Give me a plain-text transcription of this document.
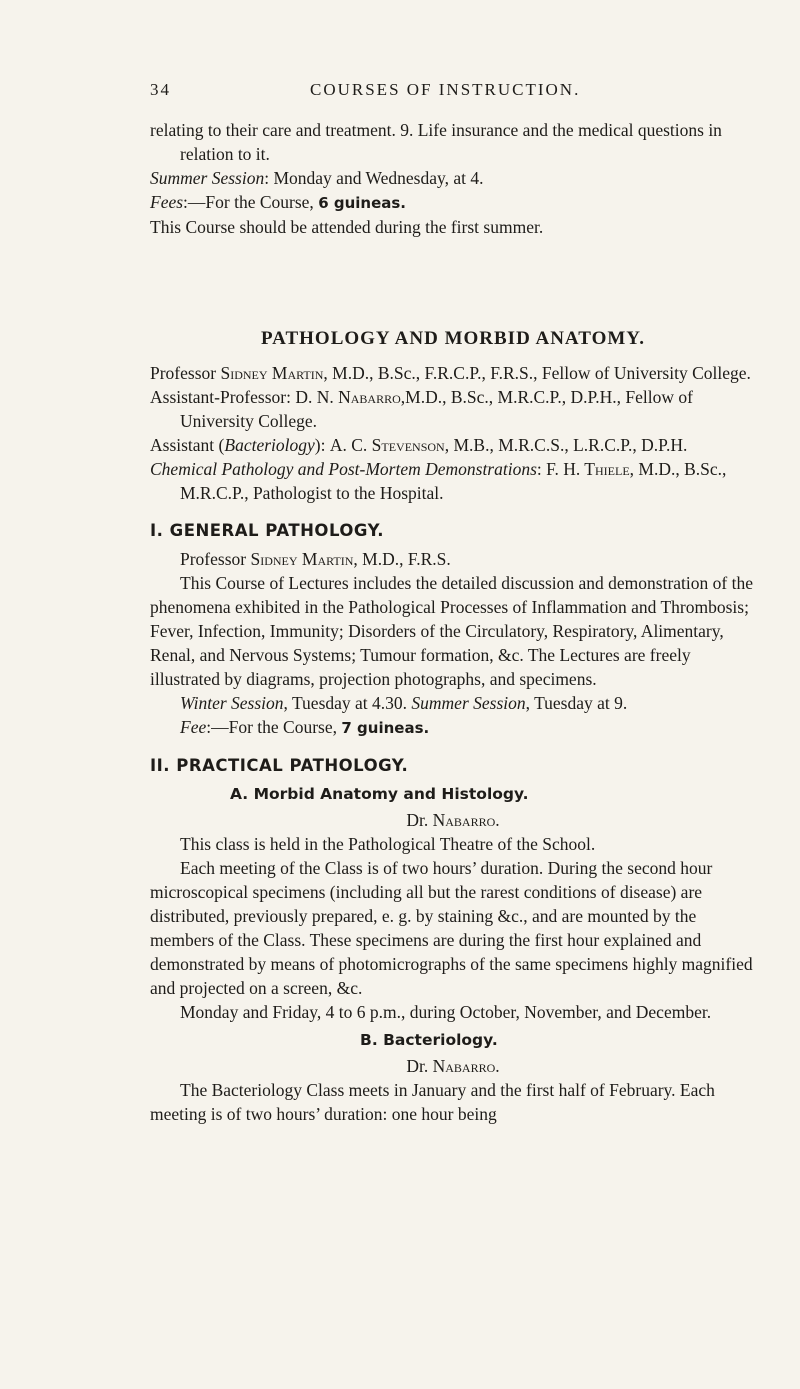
34	COURSES OF INSTRUCTION.

relating to their care and treatment. 9. Life insurance and the medical questions in relation to it.

Summer Session: Monday and Wednesday, at 4.

Fees:—For the Course, 6 guineas.

This Course should be attended during the first summer.

PATHOLOGY AND MORBID ANATOMY.

Professor Sidney Martin, M.D., B.Sc., F.R.C.P., F.R.S., Fellow of University College.

Assistant-Professor: D. N. Nabarro,M.D., B.Sc., M.R.C.P., D.P.H., Fellow of University College.

Assistant (Bacteriology): A. C. Stevenson, M.B., M.R.C.S., L.R.C.P., D.P.H.

Chemical Pathology and Post-Mortem Demonstrations: F. H. Thiele, M.D., B.Sc., M.R.C.P., Pathologist to the Hospital.

I. GENERAL PATHOLOGY.

Professor Sidney Martin, M.D., F.R.S.

This Course of Lectures includes the detailed discussion and demonstration of the phenomena exhibited in the Pathological Processes of Inflammation and Thrombosis; Fever, Infection, Immunity; Disorders of the Circulatory, Respiratory, Alimentary, Renal, and Nervous Systems; Tumour formation, &c. The Lectures are freely illustrated by diagrams, projection photographs, and specimens.

Winter Session, Tuesday at 4.30. Summer Session, Tuesday at 9.

Fee:—For the Course, 7 guineas.

II. PRACTICAL PATHOLOGY.
A. Morbid Anatomy and Histology.

Dr. Nabarro.

This class is held in the Pathological Theatre of the School.

Each meeting of the Class is of two hours’ duration. During the second hour microscopical specimens (including all but the rarest conditions of disease) are distributed, previously prepared, e. g. by staining &c., and are mounted by the members of the Class. These specimens are during the first hour explained and demonstrated by means of photomicrographs of the same specimens highly magnified and projected on a screen, &c.

Monday and Friday, 4 to 6 p.m., during October, November, and December.

B. Bacteriology.

Dr. Nabarro.

The Bacteriology Class meets in January and the first half of February. Each meeting is of two hours’ duration: one hour being
